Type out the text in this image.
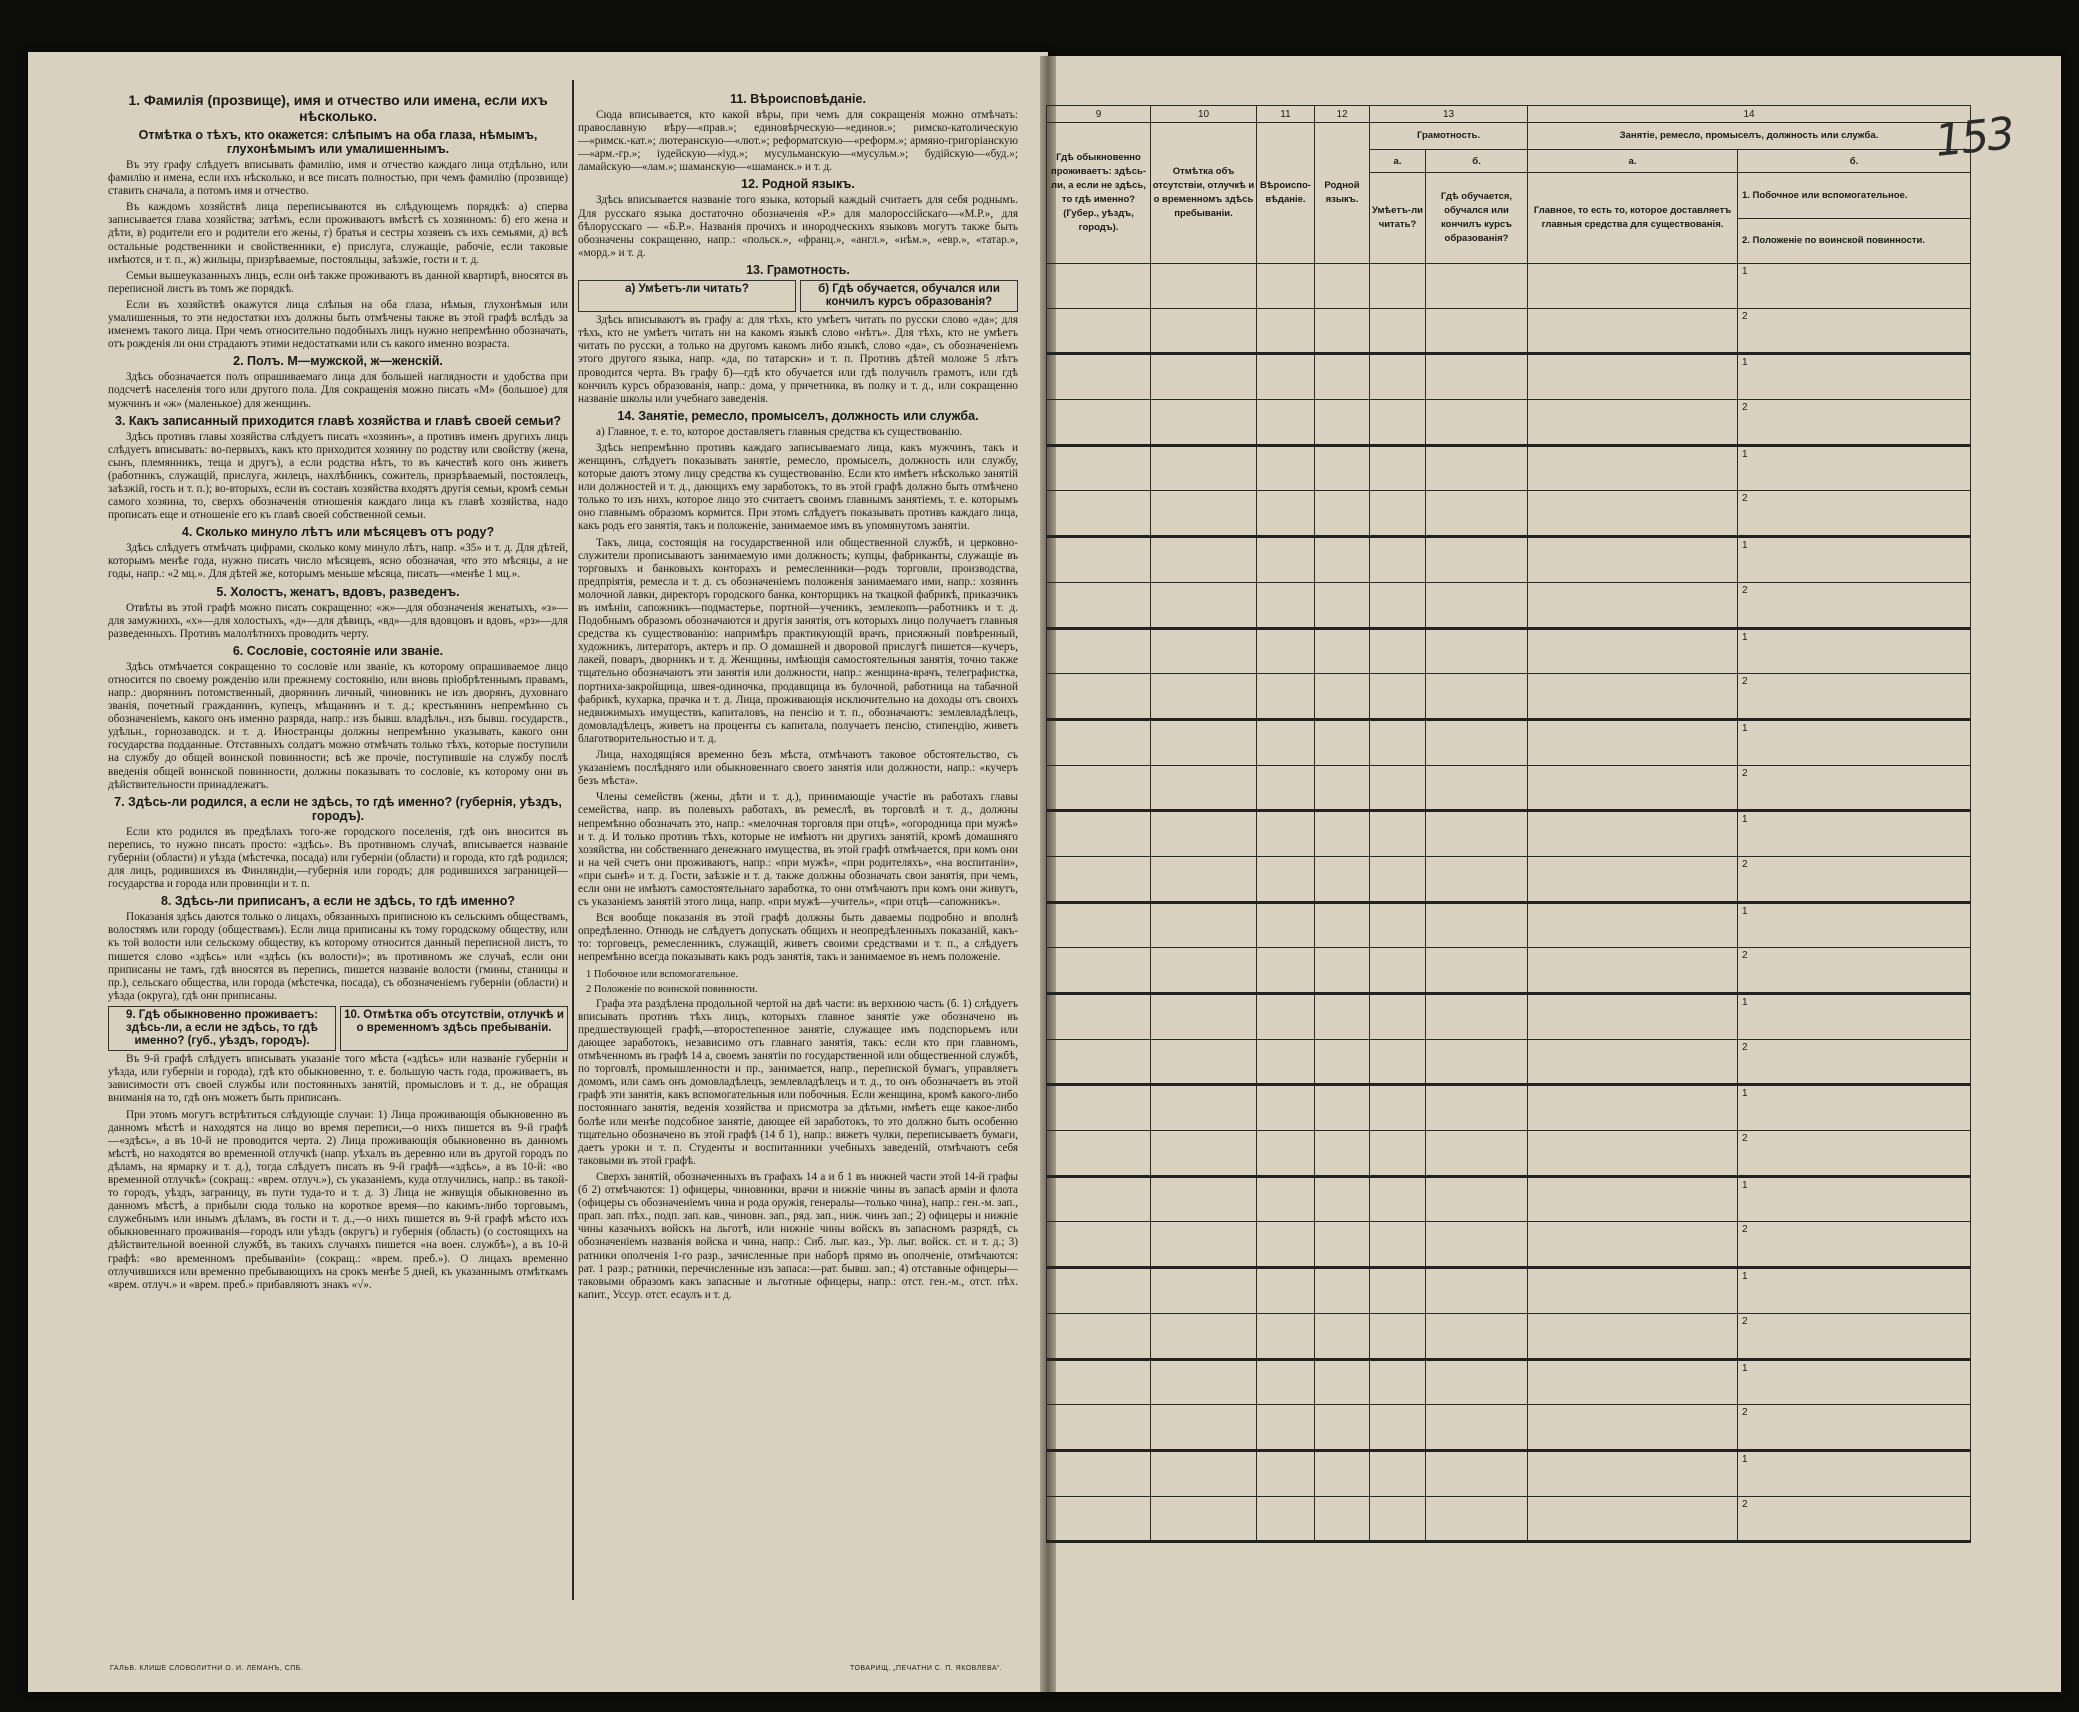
1. Фамилія (прозвище), имя и отчество или имена, если ихъ нѣсколько.
Отмѣтка о тѣхъ, кто окажется: слѣпымъ на оба глаза, нѣмымъ, глухонѣмымъ или умалишеннымъ.

Въ эту графу слѣдуетъ вписывать фамилію, имя и отчество каждаго лица отдѣльно, или фамилію и имена, если ихъ нѣсколько, и все писать полностью, при чемъ фамилію (прозвище) ставить сначала, а потомъ имя и отчество.

Въ каждомъ хозяйствѣ лица переписываются въ слѣдующемъ порядкѣ: а) сперва записывается глава хозяйства; затѣмъ, если проживаютъ вмѣстѣ съ хозяиномъ: б) его жена и дѣти, в) родители его и родители его жены, г) братья и сестры хозяевъ съ ихъ семьями, д) всѣ остальные родственники и свойственники, е) прислуга, служащіе, рабочіе, если таковые имѣются, и т. п., ж) жильцы, призрѣваемые, постояльцы, заѣзжіе, гости и т. д.

Семьи вышеуказанныхъ лицъ, если онѣ также проживаютъ въ данной квартирѣ, вносятся въ переписной листъ въ томъ же порядкѣ.

Если въ хозяйствѣ окажутся лица слѣпыя на оба глаза, нѣмыя, глухонѣмыя или умалишенныя, то эти недостатки ихъ должны быть отмѣчены также въ этой графѣ вслѣдъ за именемъ такого лица. При чемъ относительно подобныхъ лицъ нужно непремѣнно обозначать, отъ рожденія ли они страдаютъ этими недостатками или съ какого именно возраста.

2. Полъ. М—мужской, ж—женскій.

Здѣсь обозначается полъ опрашиваемаго лица для большей наглядности и удобства при подсчетѣ населенія того или другого пола. Для сокращенія можно писать «М» (большое) для мужчинъ и «ж» (маленькое) для женщинъ.

3. Какъ записанный приходится главѣ хозяйства и главѣ своей семьи?

Здѣсь противъ главы хозяйства слѣдуетъ писать «хозяинъ», а противъ именъ другихъ лицъ слѣдуетъ вписывать: во-первыхъ, какъ кто приходится хозяину по родству или свойству (жена, сынъ, племянникъ, теща и другъ), а если родства нѣтъ, то въ качествѣ кого онъ живетъ (работникъ, служащій, прислуга, жилецъ, нахлѣбникъ, сожитель, призрѣваемый, постоялецъ, заѣзжій, гость и т. п.); во-вторыхъ, если въ составъ хозяйства входятъ другія семьи, кромѣ семьи самого хозяина, то, сверхъ обозначенія отношенія каждаго лица къ главѣ хозяйства, надо прописать еще и отношеніе его къ главѣ своей собственной семьи.

4. Сколько минуло лѣтъ или мѣсяцевъ отъ роду?

Здѣсь слѣдуетъ отмѣчать цифрами, сколько кому минуло лѣтъ, напр. «35» и т. д. Для дѣтей, которымъ менѣе года, нужно писать число мѣсяцевъ, ясно обозначая, что это мѣсяцы, а не годы, напр.: «2 мц.». Для дѣтей же, которымъ меньше мѣсяца, писать—«менѣе 1 мц.».

5. Холостъ, женатъ, вдовъ, разведенъ.

Отвѣты въ этой графѣ можно писать сокращенно: «ж»—для обозначенія женатыхъ, «з»—для замужнихъ, «х»—для холостыхъ, «д»—для дѣвицъ, «вд»—для вдовцовъ и вдовъ, «рз»—для разведенныхъ. Противъ малолѣтнихъ проводить черту.

6. Сословіе, состояніе или званіе.

Здѣсь отмѣчается сокращенно то сословіе или званіе, къ которому опрашиваемое лицо относится по своему рожденію или прежнему состоянію, или вновь пріобрѣтеннымъ правамъ, напр.: дворянинъ потомственный, дворянинъ личный, чиновникъ не изъ дворянъ, духовнаго званія, почетный гражданинъ, купецъ, мѣщанинъ и т. д.; крестьянинъ непремѣнно съ обозначеніемъ, какого онъ именно разряда, напр.: изъ бывш. владѣльч., изъ бывш. государств., удѣльн., горнозаводск. и т. д. Иностранцы должны непремѣнно указывать, какого они государства подданные. Отставныхъ солдатъ можно отмѣчать только тѣхъ, которые поступили на службу до общей воинской повинности; всѣ же прочіе, поступившіе на службу послѣ введенія общей воинской повинности, должны показывать то сословіе, къ которому они въ дѣйствительности принадлежатъ.

7. Здѣсь-ли родился, а если не здѣсь, то гдѣ именно? (губернія, уѣздъ, городъ).

Если кто родился въ предѣлахъ того-же городского поселенія, гдѣ онъ вносится въ перепись, то нужно писать просто: «здѣсь». Въ противномъ случаѣ, вписывается названіе губерніи (области) и уѣзда (мѣстечка, посада) или губерніи (области) и города, кто гдѣ родился; для лицъ, родившихся въ Финляндіи,—губернія или городъ; для родившихся заграницей—государства и города или провинціи и т. п.

8. Здѣсь-ли приписанъ, а если не здѣсь, то гдѣ именно?

Показанія здѣсь даются только о лицахъ, обязанныхъ приписною къ сельскимъ обществамъ, волостямъ или городу (обществамъ). Если лица приписаны къ тому городскому обществу, или къ той волости или сельскому обществу, къ которому относится данный переписной листъ, то пишется слово «здѣсь» или «здѣсь (къ волости)»; въ противномъ же случаѣ, если они приписаны не тамъ, гдѣ вносятся въ перепись, пишется названіе волости (гмины, станицы и пр.), сельскаго общества, или города (мѣстечка, посада), съ обозначеніемъ губерніи (области) и уѣзда (округа), гдѣ они приписаны.

9. Гдѣ обыкновенно проживаетъ: здѣсь-ли, а если не здѣсь, то гдѣ именно? (губ., уѣздъ, городъ).
10. Отмѣтка объ отсутствіи, отлучкѣ и о временномъ здѣсь пребываніи.

Въ 9-й графѣ слѣдуетъ вписывать указаніе того мѣста («здѣсь» или названіе губерніи и уѣзда, или губерніи и города), гдѣ кто обыкновенно, т. е. большую часть года, проживаетъ, въ зависимости отъ своей службы или постоянныхъ занятій, промысловъ и т. д., не обращая вниманія на то, гдѣ онъ можетъ быть приписанъ.

При этомъ могутъ встрѣтиться слѣдующіе случаи: 1) Лица проживающія обыкновенно въ данномъ мѣстѣ и находятся на лицо во время переписи,—о нихъ пишется въ 9-й графѣ—«здѣсь», а въ 10-й не проводится черта. 2) Лица проживающія обыкновенно въ данномъ мѣстѣ, но находятся во временной отлучкѣ (напр. уѣхалъ въ деревню или въ другой городъ по дѣламъ, на ярмарку и т. д.), тогда слѣдуетъ писать въ 9-й графѣ—«здѣсь», а въ 10-й: «во временной отлучкѣ» (сокращ.: «врем. отлуч.»), съ указаніемъ, куда отлучились, напр.: въ такой-то городъ, уѣздъ, заграницу, въ пути туда-то и т. д. 3) Лица не живущія обыкновенно въ данномъ мѣстѣ, а прибыли сюда только на короткое время—по какимъ-либо торговымъ, служебнымъ или инымъ дѣламъ, въ гости и т. д.,—о нихъ пишется въ 9-й графѣ мѣсто ихъ обыкновеннаго проживанія—городъ или уѣздъ (округъ) и губернія (область) (о состоящихъ на дѣйствительной военной службѣ, въ такихъ случаяхъ пишется «на воен. службѣ»), а въ 10-й графѣ: «во временномъ пребываніи» (сокращ.: «врем. преб.»). О лицахъ временно отлучившихся или временно пребывающихъ на срокъ менѣе 5 дней, къ указаннымъ отмѣткамъ «врем. отлуч.» и «врем. преб.» прибавляютъ знакъ «√».

11. Вѣроисповѣданіе.

Сюда вписывается, кто какой вѣры, при чемъ для сокращенія можно отмѣчать: православную вѣру—«прав.»; единовѣрческую—«единов.»; римско-католическую—«римск.-кат.»; лютеранскую—«лют.»; реформатскую—«реформ.»; армяно-григоріанскую—«арм.-гр.»; іудейскую—«іуд.»; мусульманскую—«мусульм.»; будійскую—«буд.»; ламайскую—«лам.»; шаманскую—«шаманск.» и т. д.

12. Родной языкъ.

Здѣсь вписывается названіе того языка, который каждый считаетъ для себя роднымъ. Для русскаго языка достаточно обозначенія «Р.» для малороссійскаго—«М.Р.», для бѣлорусскаго — «Б.Р.». Названія прочихъ и инородческихъ языковъ могутъ также быть обозначены сокращенно, напр.: «польск.», «франц.», «англ.», «нѣм.», «евр.», «татар.», «морд.» и т. д.

13. Грамотность.
а) Умѣетъ-ли читать?	б) Гдѣ обучается, обучался или кончилъ курсъ образованія?

Здѣсь вписываютъ въ графу а: для тѣхъ, кто умѣетъ читать по русски слово «да»; для тѣхъ, кто не умѣетъ читать ни на какомъ языкѣ слово «нѣтъ». Для тѣхъ, кто не умѣетъ читать по русски, а только на другомъ какомъ либо языкѣ, слово «да», съ обозначеніемъ этого другого языка, напр. «да, по татарски» и т. п. Противъ дѣтей моложе 5 лѣтъ проводится черта. Въ графу б)—гдѣ кто обучается или гдѣ получилъ грамотъ, или гдѣ кончилъ курсъ образованія, напр.: дома, у причетника, въ полку и т. д., или сокращенно названіе школы или учебнаго заведенія.

14. Занятіе, ремесло, промыселъ, должность или служба.

а) Главное, т. е. то, которое доставляетъ главныя средства къ существованію.

Здѣсь непремѣнно противъ каждаго записываемаго лица, какъ мужчинъ, такъ и женщинъ, слѣдуетъ показывать занятіе, ремесло, промыселъ, должность или службу, которые даютъ этому лицу средства къ существованію. Если кто имѣетъ нѣсколько занятій или должностей и т. д., дающихъ ему заработокъ, то въ этой графѣ должно быть отмѣчено только то изъ нихъ, которое лицо это считаетъ своимъ главнымъ занятіемъ, т. е. которымъ оно главнымъ образомъ кормится. При этомъ слѣдуетъ показывать противъ каждаго лица, какъ родъ его занятія, такъ и положеніе, занимаемое имъ въ упомянутомъ занятіи.

Такъ, лица, состоящія на государственной или общественной службѣ, и церковно-служители прописываютъ занимаемую ими должность; купцы, фабриканты, служащіе въ торговыхъ и банковыхъ конторахъ и ремесленники—родъ торговли, производства, предпріятія, ремесла и т. д. съ обозначеніемъ положенія занимаемаго ими, напр.: хозяинъ молочной лавки, директоръ городского банка, конторщикъ на ткацкой фабрикѣ, приказчикъ въ имѣніи, сапожникъ—подмастерье, портной—ученикъ, землекопъ—работникъ и т. д. Подобнымъ образомъ обозначаются и другія занятія, отъ которыхъ лицо получаетъ главныя средства къ существованію: напримѣръ практикующій врачъ, присяжный повѣренный, художникъ, литераторъ, актеръ и пр. О домашней и дворовой прислугѣ пишется—кучеръ, лакей, поваръ, дворникъ и т. д. Женщины, имѣющія самостоятельныя занятія, точно также тщательно обозначаютъ эти занятія или должности, напр.: женщина-врачъ, телеграфистка, портниха-закройщица, швея-одиночка, продавщица въ булочной, работница на табачной фабрикѣ, кухарка, прачка и т. д. Лица, проживающія исключительно на доходы отъ своихъ недвижимыхъ имуществъ, капиталовъ, на пенсію и т. п., обозначаютъ: землевладѣлецъ, домовладѣлецъ, живетъ на проценты съ капитала, получаетъ пенсію, стипендію, живетъ благотворительностью и т. д.

Лица, находящіяся временно безъ мѣста, отмѣчаютъ таковое обстоятельство, съ указаніемъ послѣдняго или обыкновеннаго своего занятія или должности, напр.: «кучеръ безъ мѣста».

Члены семействъ (жены, дѣти и т. д.), принимающіе участіе въ работахъ главы семейства, напр. въ полевыхъ работахъ, въ ремеслѣ, въ торговлѣ и т. д., должны непремѣнно обозначать это, напр.: «мелочная торговля при отцѣ», «огородница при мужѣ» и т. д. И только противъ тѣхъ, которые не имѣютъ ни другихъ занятій, кромѣ домашняго хозяйства, ни собственнаго денежнаго имущества, въ этой графѣ отмѣчается, при комъ они и на чей счетъ они проживаютъ, напр.: «при мужѣ», «при родителяхъ», «на воспитаніи», «при сынѣ» и т. д. Гости, заѣзжіе и т. д. также должны обозначать свои занятія, при чемъ, если они не имѣютъ самостоятельнаго заработка, то они отмѣчаютъ при комъ они живутъ, съ указаніемъ занятій этого лица, напр. «при мужѣ—учитель», «при отцѣ—сапожникъ».

Вся вообще показанія въ этой графѣ должны быть даваемы подробно и вполнѣ опредѣленно. Отнюдь не слѣдуетъ допускать общихъ и неопредѣленныхъ показаній, какъ-то: торговецъ, ремесленникъ, служащій, живетъ своими средствами и т. п., а слѣдуетъ непремѣнно всегда показывать какъ родъ занятія, такъ и занимаемое въ немъ положеніе.

1 Побочное или вспомогательное.
2 Положеніе по воинской повинности.

Графа эта раздѣлена продольной чертой на двѣ части: въ верхнюю часть (б. 1) слѣдуетъ вписывать противъ тѣхъ лицъ, которыхъ главное занятіе уже обозначено въ предшествующей графѣ,—второстепенное занятіе, служащее имъ подспорьемъ или дающее заработокъ, независимо отъ главнаго занятія, такъ: если кто при главномъ, отмѣченномъ въ графѣ 14 а, своемъ занятіи по государственной или общественной службѣ, по торговлѣ, промышленности и пр., занимается, напр., перепиской бумагъ, управляетъ домомъ, или самъ онъ домовладѣлецъ, землевладѣлецъ и т. д., то онъ обозначаетъ въ этой графѣ эти занятія, какъ вспомогательныя или побочныя. Если женщина, кромѣ какого-либо постояннаго занятія, веденія хозяйства и присмотра за дѣтьми, имѣетъ еще какое-либо болѣе или менѣе подсобное занятіе, дающее ей заработокъ, то это должно быть особенно тщательно обозначено въ этой графѣ (14 б 1), напр.: вяжетъ чулки, переписываетъ бумаги, даетъ уроки и т. п. Студенты и воспитанники учебныхъ заведеній, отмѣчаютъ себя таковыми въ этой графѣ.

Сверхъ занятій, обозначенныхъ въ графахъ 14 а и б 1 въ нижней части этой 14-й графы (б 2) отмѣчаются: 1) офицеры, чиновники, врачи и нижніе чины въ запасѣ арміи и флота (офицеры съ обозначеніемъ чина и рода оружія, генералы—только чина), напр.: ген.-м. зап., прап. зап. пѣх., подп. зап. кав., чиновн. зап., ряд. зап., ниж. чинъ зап.; 2) офицеры и нижніе чины казачьихъ войскъ на льготѣ, или нижніе чины войскъ въ запасномъ разрядѣ, съ обозначеніемъ названія войска и чина, напр.: Сиб. лыг. каз., Ур. лыг. войск. ст. и т. д.; 3) ратники ополченія 1-го разр., зачисленные при наборѣ прямо въ ополченіе, отмѣчаются: рат. 1 разр.; ратники, перечисленные изъ запаса:—рат. бывш. зап.; 4) отставные офицеры—таковыми образомъ какъ запасные и льготные офицеры, напр.: отст. ген.-м., отст. пѣх. капит., Уссур. отст. есаулъ и т. д.

ГАЛЬВ. КЛИШЕ СЛОВОЛИТНИ О. И. ЛЕМАНЪ, СПБ.	ТОВАРИЩ. „ПЕЧАТНИ С. П. ЯКОВЛЕВА“.
9	10	11	12	13		14	
Гдѣ обыкновенно проживаетъ: здѣсь-ли, а если не здѣсь, то гдѣ именно? (Губер., уѣздъ, городъ).	Отмѣтка объ отсутствіи, отлучкѣ и о временномъ здѣсь пребываніи.	Вѣроиспо-вѣданіе.	Родной языкъ.	Грамотность.		Занятіе, ремесло, промыселъ, должность или служба.	
				а.	б.	а.	б.
				Умѣетъ-ли читать?	Гдѣ обучается, обучался или кончилъ курсъ образованія?	Главное, то есть то, которое доставляетъ главныя средства для существованія.	1. Побочное или вспомогательное.
2. Положеніе по воинской повинности.

							1
							2
							1
							2
							1
							2
							1
							2
							1
							2
							1
							2
							1
							2
							1
							2
							1
							2
							1
							2
							1
							2
							1
							2
							1
							2
							1
							2
153
